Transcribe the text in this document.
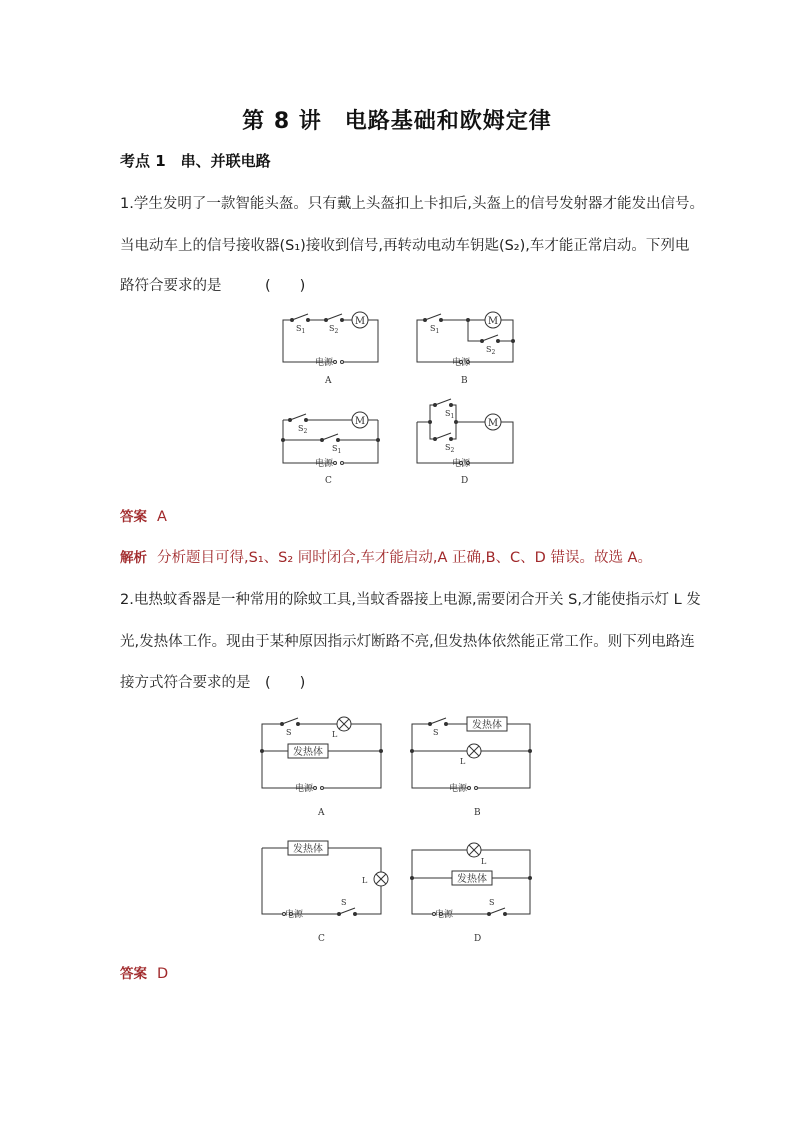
第 8 讲　电路基础和欧姆定律
考点 1　串、并联电路
1.学生发明了一款智能头盔。只有戴上头盔扣上卡扣后,头盔上的信号发射器才能发出信号。
当电动车上的信号接收器(S₁)接收到信号,再转动电动车钥匙(S₂),车才能正常启动。下列电
路符合要求的是　　　(　　)
M
$S_1$	$S_2$
电源
A
M
$S_1$
$S_2$
电源
B
M
$S_2$
$S_1$
电源
C
M
$S_1$
$S_2$
电源
D
答案 A
解析 分析题目可得,S₁、S₂ 同时闭合,车才能启动,A 正确,B、C、D 错误。故选 A。
2.电热蚊香器是一种常用的除蚊工具,当蚊香器接上电源,需要闭合开关 S,才能使指示灯 L 发
光,发热体工作。现由于某种原因指示灯断路不亮,但发热体依然能正常工作。则下列电路连
接方式符合要求的是　(　　)
发热体
S	L
电源
A
发热体
S
L
电源
B
发热体
L
S
电源
C
发热体
L
S
电源
D
答案 D
